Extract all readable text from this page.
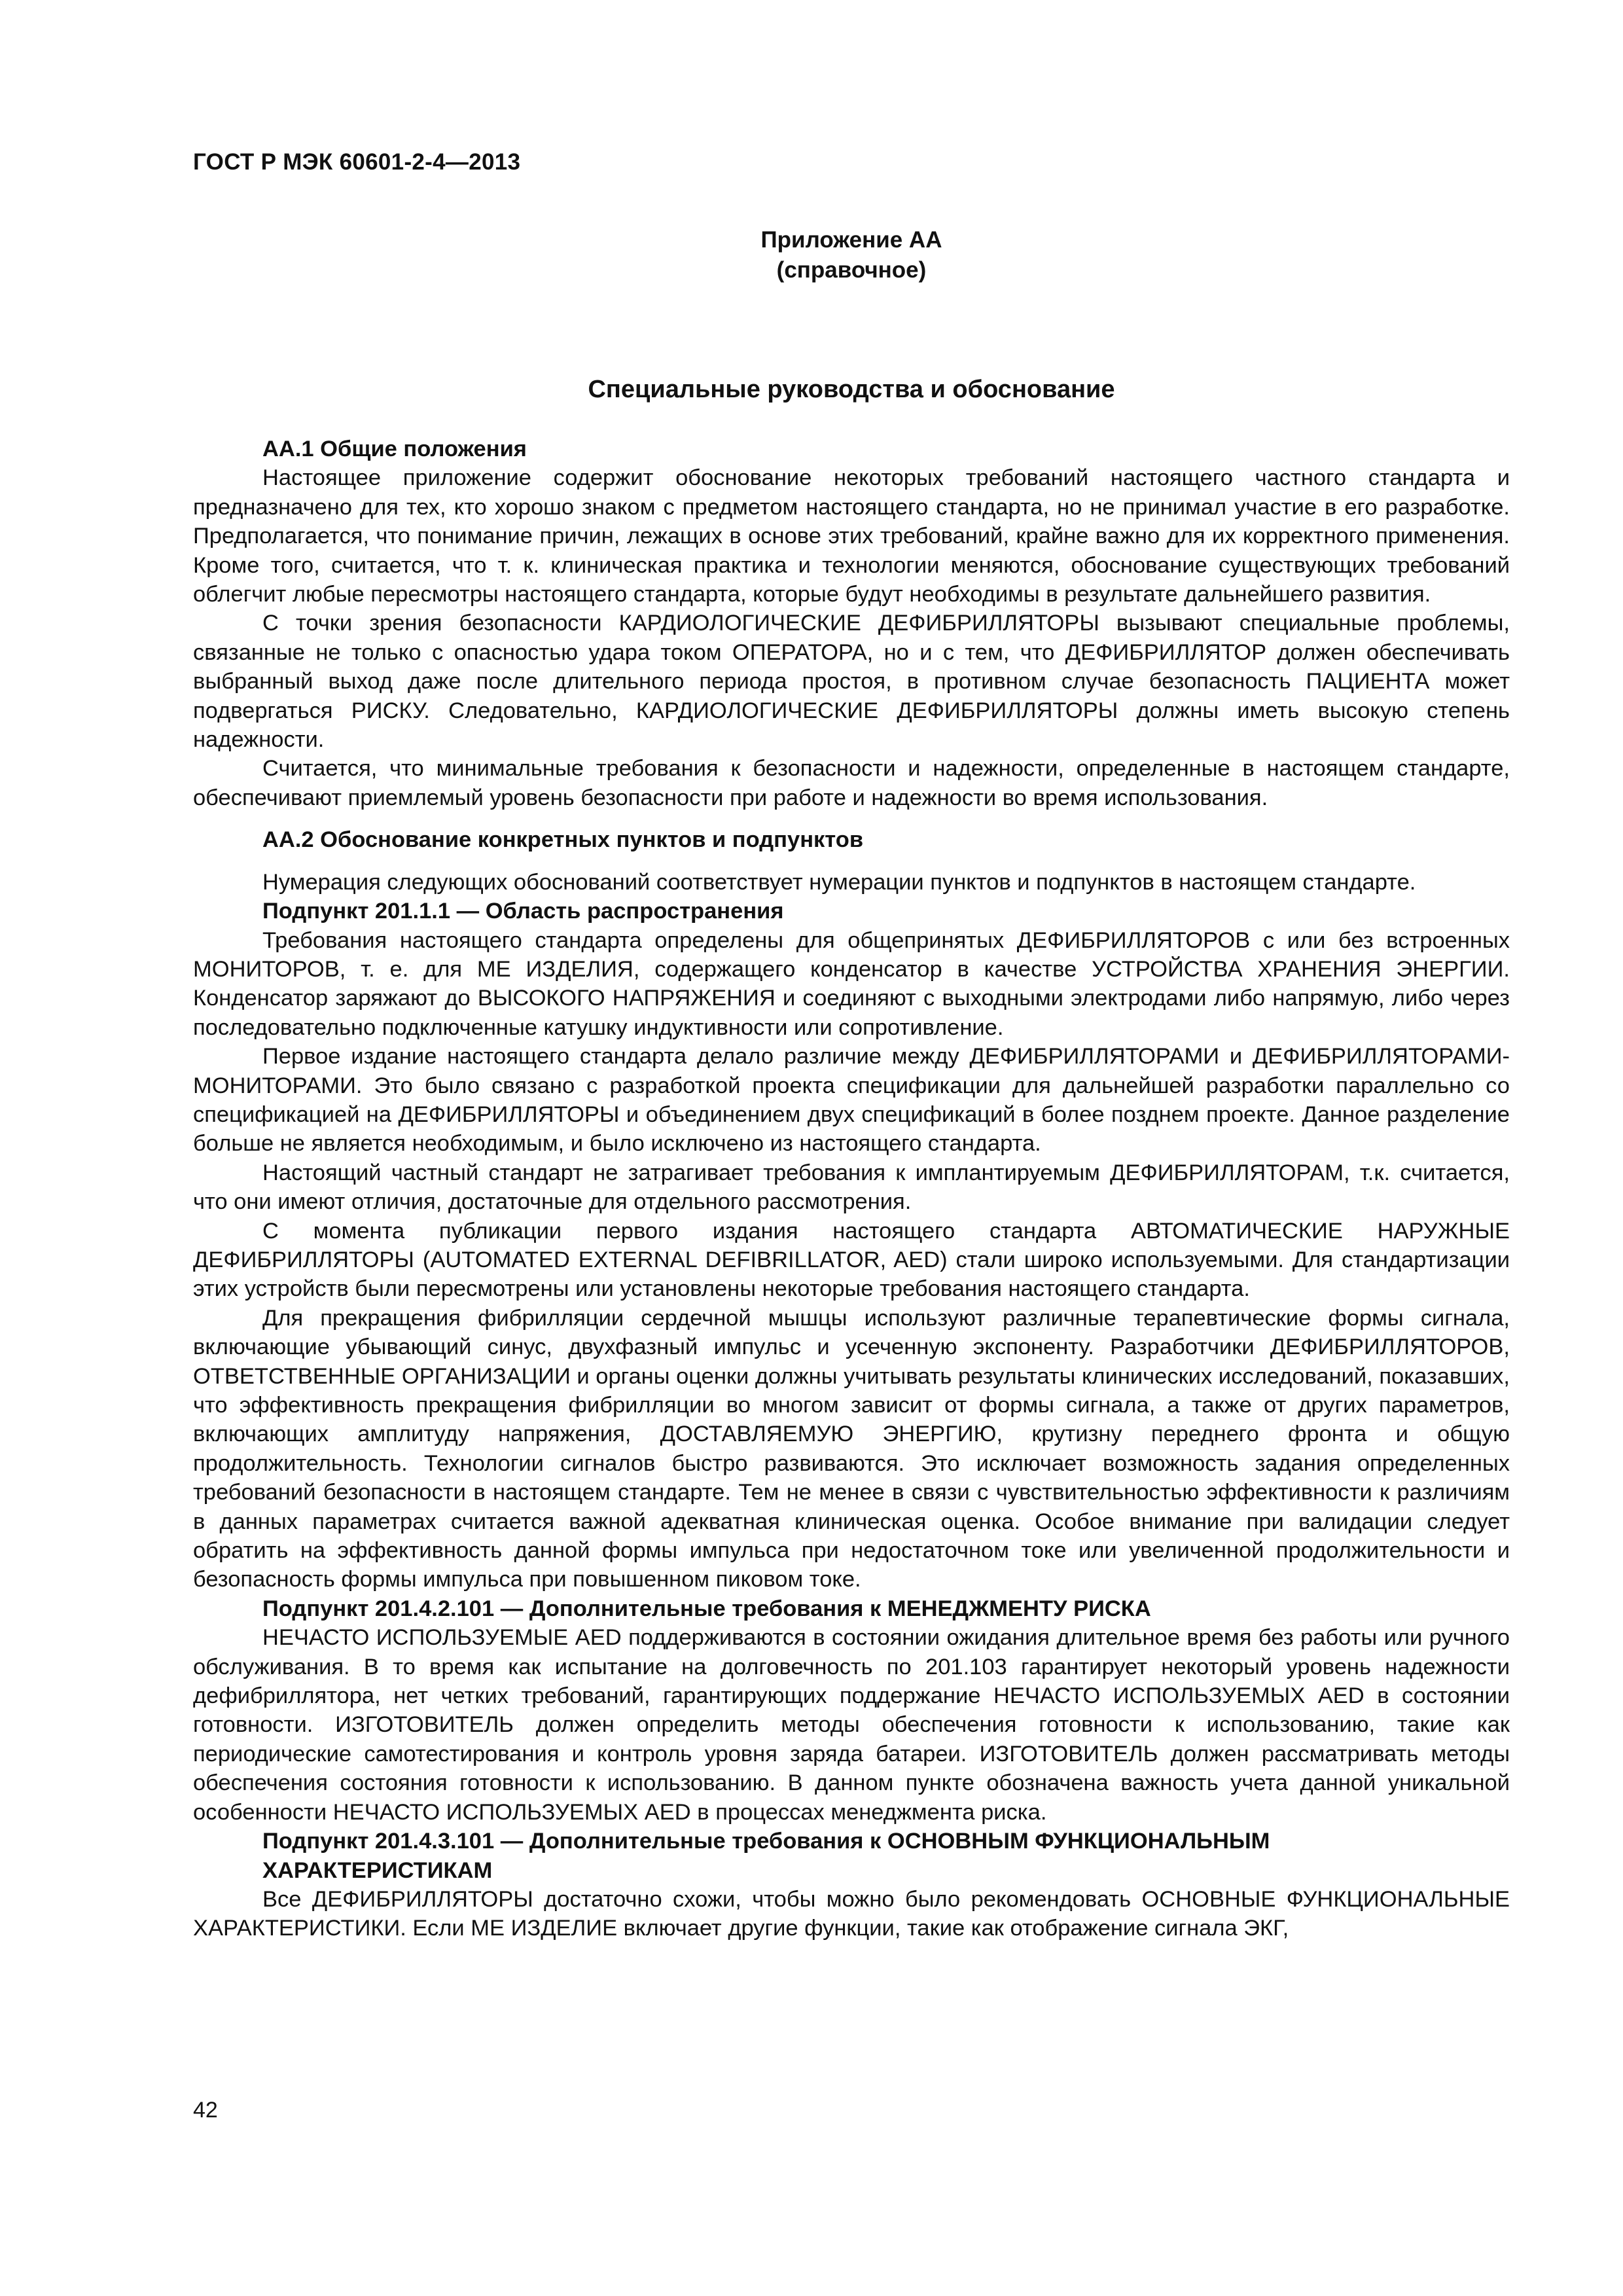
ГОСТ Р МЭК 60601-2-4—2013
Приложение АА
(справочное)
Специальные руководства и обоснование
АА.1 Общие положения

Настоящее приложение содержит обоснование некоторых требований настоящего частного стандарта и предназначено для тех, кто хорошо знаком с предметом настоящего стандарта, но не принимал участие в его разработке. Предполагается, что понимание причин, лежащих в основе этих требований, крайне важно для их корректного применения. Кроме того, считается, что т. к. клиническая практика и технологии меняются, обоснование существующих требований облегчит любые пересмотры настоящего стандарта, которые будут необходимы в результате дальнейшего развития.

С точки зрения безопасности КАРДИОЛОГИЧЕСКИЕ ДЕФИБРИЛЛЯТОРЫ вызывают специальные проблемы, связанные не только с опасностью удара током ОПЕРАТОРА, но и с тем, что ДЕФИБРИЛЛЯТОР должен обеспечивать выбранный выход даже после длительного периода простоя, в противном случае безопасность ПАЦИЕНТА может подвергаться РИСКУ. Следовательно, КАРДИОЛОГИЧЕСКИЕ ДЕФИБРИЛЛЯТОРЫ должны иметь высокую степень надежности.

Считается, что минимальные требования к безопасности и надежности, определенные в настоящем стандарте, обеспечивают приемлемый уровень безопасности при работе и надежности во время использования.

АА.2 Обоснование конкретных пунктов и подпунктов

Нумерация следующих обоснований соответствует нумерации пунктов и подпунктов в настоящем стандарте.

Подпункт 201.1.1 — Область распространения

Требования настоящего стандарта определены для общепринятых ДЕФИБРИЛЛЯТОРОВ с или без встроенных МОНИТОРОВ, т. е. для МЕ ИЗДЕЛИЯ, содержащего конденсатор в качестве УСТРОЙСТВА ХРАНЕНИЯ ЭНЕРГИИ. Конденсатор заряжают до ВЫСОКОГО НАПРЯЖЕНИЯ и соединяют с выходными электродами либо напрямую, либо через последовательно подключенные катушку индуктивности или сопротивление.

Первое издание настоящего стандарта делало различие между ДЕФИБРИЛЛЯТОРАМИ и ДЕФИБРИЛЛЯТОРАМИ-МОНИТОРАМИ. Это было связано с разработкой проекта спецификации для дальнейшей разработки параллельно со спецификацией на ДЕФИБРИЛЛЯТОРЫ и объединением двух спецификаций в более позднем проекте. Данное разделение больше не является необходимым, и было исключено из настоящего стандарта.

Настоящий частный стандарт не затрагивает требования к имплантируемым ДЕФИБРИЛЛЯТОРАМ, т.к. считается, что они имеют отличия, достаточные для отдельного рассмотрения.

С момента публикации первого издания настоящего стандарта АВТОМАТИЧЕСКИЕ НАРУЖНЫЕ ДЕФИБРИЛЛЯТОРЫ (AUTOMATED EXTERNAL DEFIBRILLATOR, AED) стали широко используемыми. Для стандартизации этих устройств были пересмотрены или установлены некоторые требования настоящего стандарта.

Для прекращения фибрилляции сердечной мышцы используют различные терапевтические формы сигнала, включающие убывающий синус, двухфазный импульс и усеченную экспоненту. Разработчики ДЕФИБРИЛЛЯТОРОВ, ОТВЕТСТВЕННЫЕ ОРГАНИЗАЦИИ и органы оценки должны учитывать результаты клинических исследований, показавших, что эффективность прекращения фибрилляции во многом зависит от формы сигнала, а также от других параметров, включающих амплитуду напряжения, ДОСТАВЛЯЕМУЮ ЭНЕРГИЮ, крутизну переднего фронта и общую продолжительность. Технологии сигналов быстро развиваются. Это исключает возможность задания определенных требований безопасности в настоящем стандарте. Тем не менее в связи с чувствительностью эффективности к различиям в данных параметрах считается важной адекватная клиническая оценка. Особое внимание при валидации следует обратить на эффективность данной формы импульса при недостаточном токе или увеличенной продолжительности и безопасность формы импульса при повышенном пиковом токе.

Подпункт 201.4.2.101 — Дополнительные требования к МЕНЕДЖМЕНТУ РИСКА

НЕЧАСТО ИСПОЛЬЗУЕМЫЕ AED поддерживаются в состоянии ожидания длительное время без работы или ручного обслуживания. В то время как испытание на долговечность по 201.103 гарантирует некоторый уровень надежности дефибриллятора, нет четких требований, гарантирующих поддержание НЕЧАСТО ИСПОЛЬЗУЕМЫХ AED в состоянии готовности. ИЗГОТОВИТЕЛЬ должен определить методы обеспечения готовности к использованию, такие как периодические самотестирования и контроль уровня заряда батареи. ИЗГОТОВИТЕЛЬ должен рассматривать методы обеспечения состояния готовности к использованию. В данном пункте обозначена важность учета данной уникальной особенности НЕЧАСТО ИСПОЛЬЗУЕМЫХ AED в процессах менеджмента риска.

Подпункт 201.4.3.101 — Дополнительные требования к ОСНОВНЫМ ФУНКЦИОНАЛЬНЫМ
ХАРАКТЕРИСТИКАМ

Все ДЕФИБРИЛЛЯТОРЫ достаточно схожи, чтобы можно было рекомендовать ОСНОВНЫЕ ФУНКЦИОНАЛЬНЫЕ ХАРАКТЕРИСТИКИ. Если МЕ ИЗДЕЛИЕ включает другие функции, такие как отображение сигнала ЭКГ,

42
